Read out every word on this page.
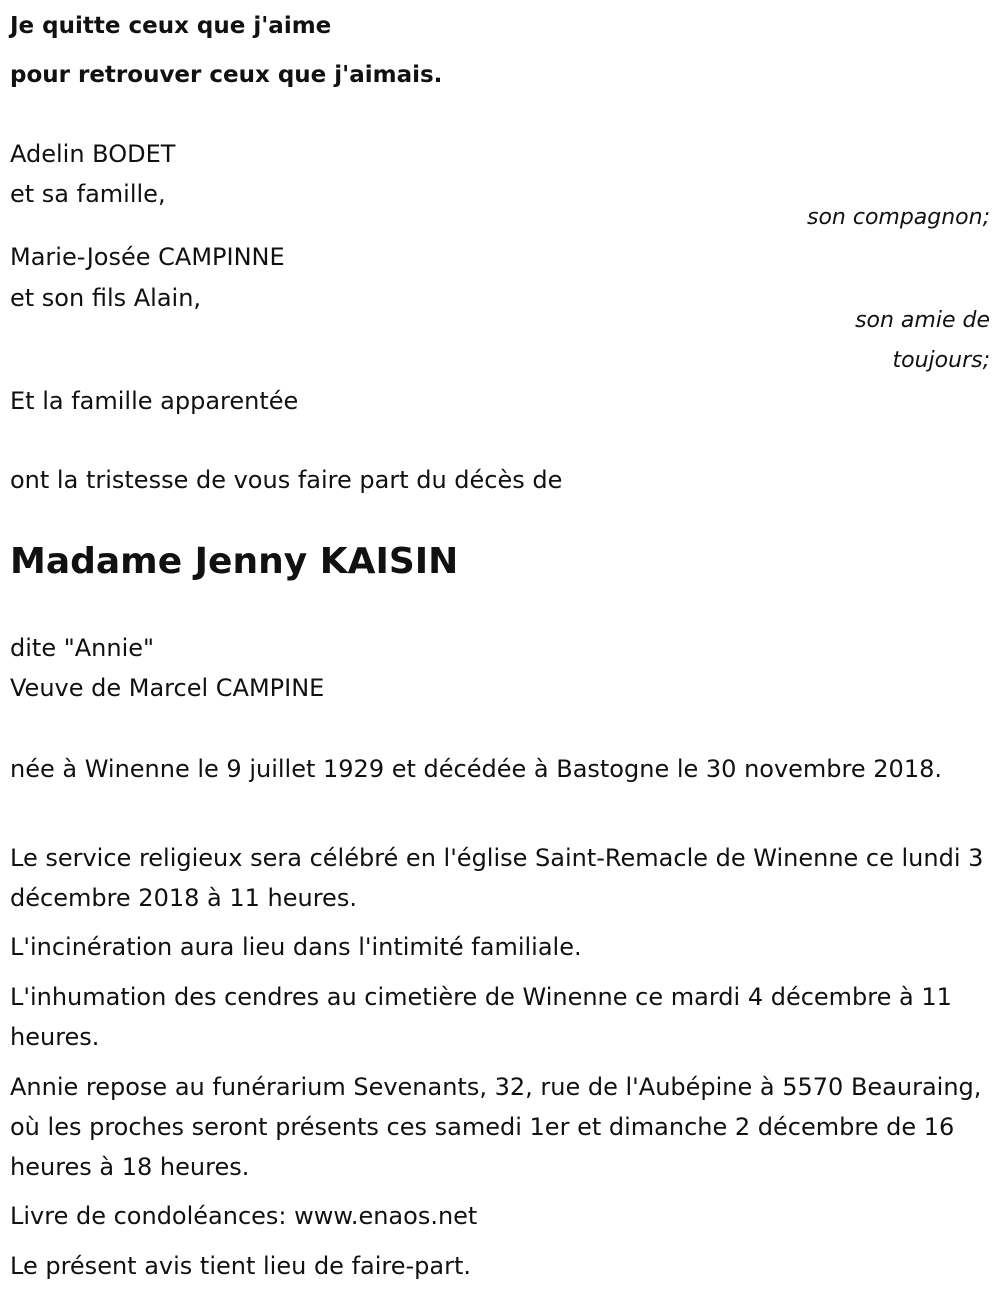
Je quitte ceux que j'aime
pour retrouver ceux que j'aimais.
Adelin BODET
et sa famille,
son compagnon;
Marie-Josée CAMPINNE
et son fils Alain,
son amie de
toujours;
Et la famille apparentée
ont la tristesse de vous faire part du décès de
Madame Jenny KAISIN
dite "Annie"
Veuve de Marcel CAMPINE
née à Winenne le 9 juillet 1929 et décédée à Bastogne le 30 novembre 2018.
Le service religieux sera célébré en l'église Saint-Remacle de Winenne ce lundi 3 décembre 2018 à 11 heures.
L'incinération aura lieu dans l'intimité familiale.
L'inhumation des cendres au cimetière de Winenne ce mardi 4 décembre à 11 heures.
Annie repose au funérarium Sevenants, 32, rue de l'Aubépine à 5570 Beauraing, où les proches seront présents ces samedi 1er et dimanche 2 décembre de 16 heures à 18 heures.
Livre de condoléances: www.enaos.net
Le présent avis tient lieu de faire-part.
